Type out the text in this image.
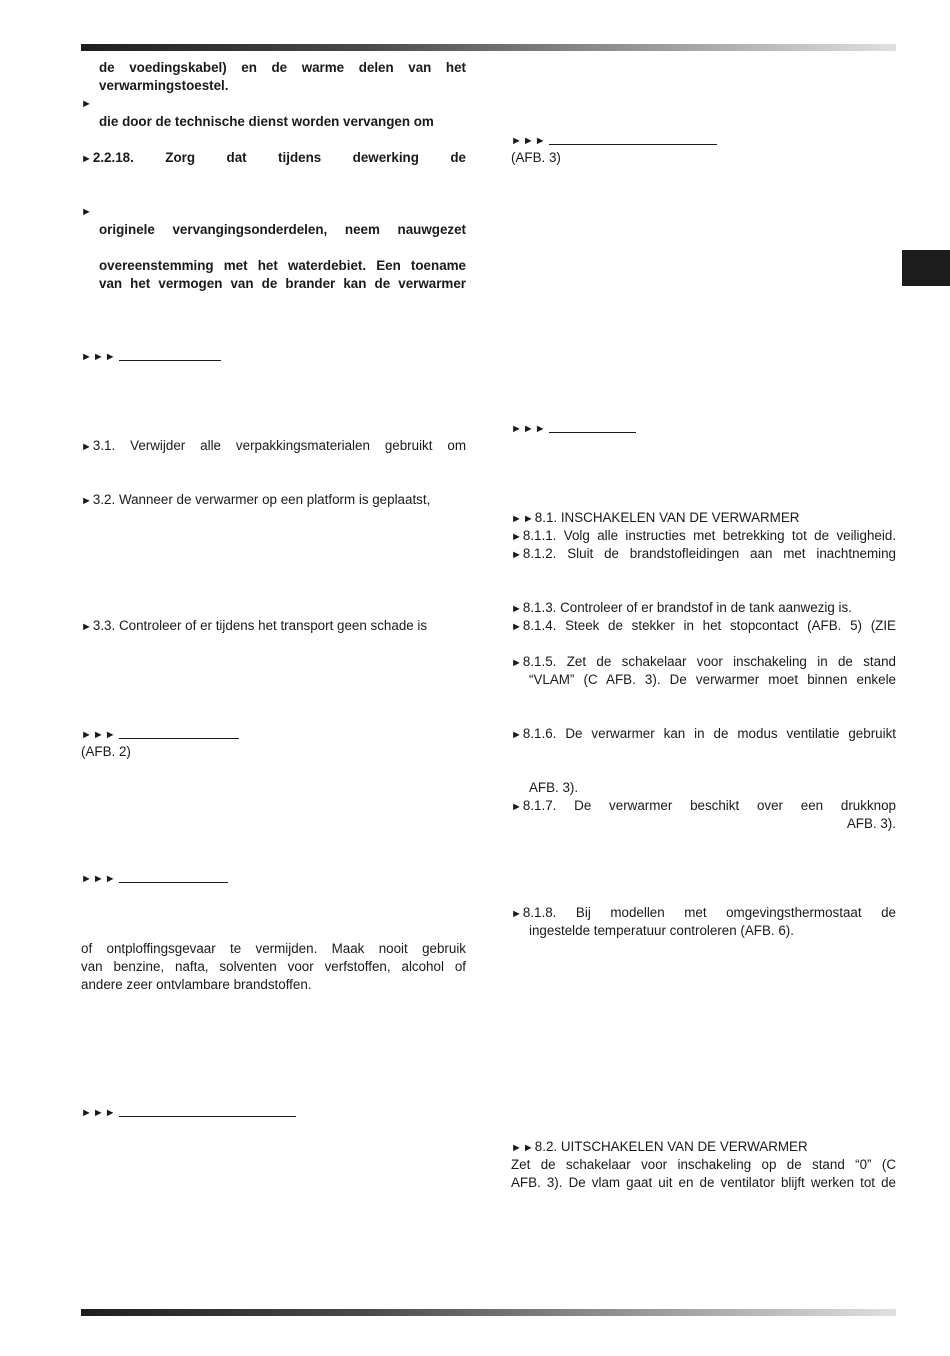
de voedingskabel) en de warme delen van het
verwarmingstoestel.
►
die door de technische dienst worden vervangen om
► 2.2.18. Zorg dat tijdens dewerking de
►
originele vervangingsonderdelen, neem nauwgezet
overeenstemming met het waterdebiet. Een toename
van het vermogen van de brander kan de verwarmer
►►►
► 3.1. Verwijder alle verpakkingsmaterialen gebruikt om
► 3.2. Wanneer de verwarmer op een platform is geplaatst,
► 3.3. Controleer of er tijdens het transport geen schade is
►►►
(AFB. 2)
►►►
of ontploffingsgevaar te vermijden. Maak nooit gebruik
van benzine, nafta, solventen voor verfstoffen, alcohol of
andere zeer ontvlambare brandstoffen.
►►►
►►►
(AFB. 3)
►►►
►►8.1. INSCHAKELEN VAN DE VERWARMER
► 8.1.1. Volg alle instructies met betrekking tot de veiligheid.
► 8.1.2. Sluit de brandstofleidingen aan met inachtneming
► 8.1.3. Controleer of er brandstof in de tank aanwezig is.
► 8.1.4. Steek de stekker in het stopcontact (AFB. 5) (ZIE
► 8.1.5. Zet de schakelaar voor inschakeling in de stand
“VLAM” (C AFB. 3). De verwarmer moet binnen enkele
► 8.1.6. De verwarmer kan in de modus ventilatie gebruikt
AFB. 3).
► 8.1.7. De verwarmer beschikt over een drukknop
AFB. 3).
► 8.1.8. Bij modellen met omgevingsthermostaat de
ingestelde temperatuur controleren (AFB. 6).
►►8.2. UITSCHAKELEN VAN DE VERWARMER
Zet de schakelaar voor inschakeling op de stand “0” (C
AFB. 3). De vlam gaat uit en de ventilator blijft werken tot de
